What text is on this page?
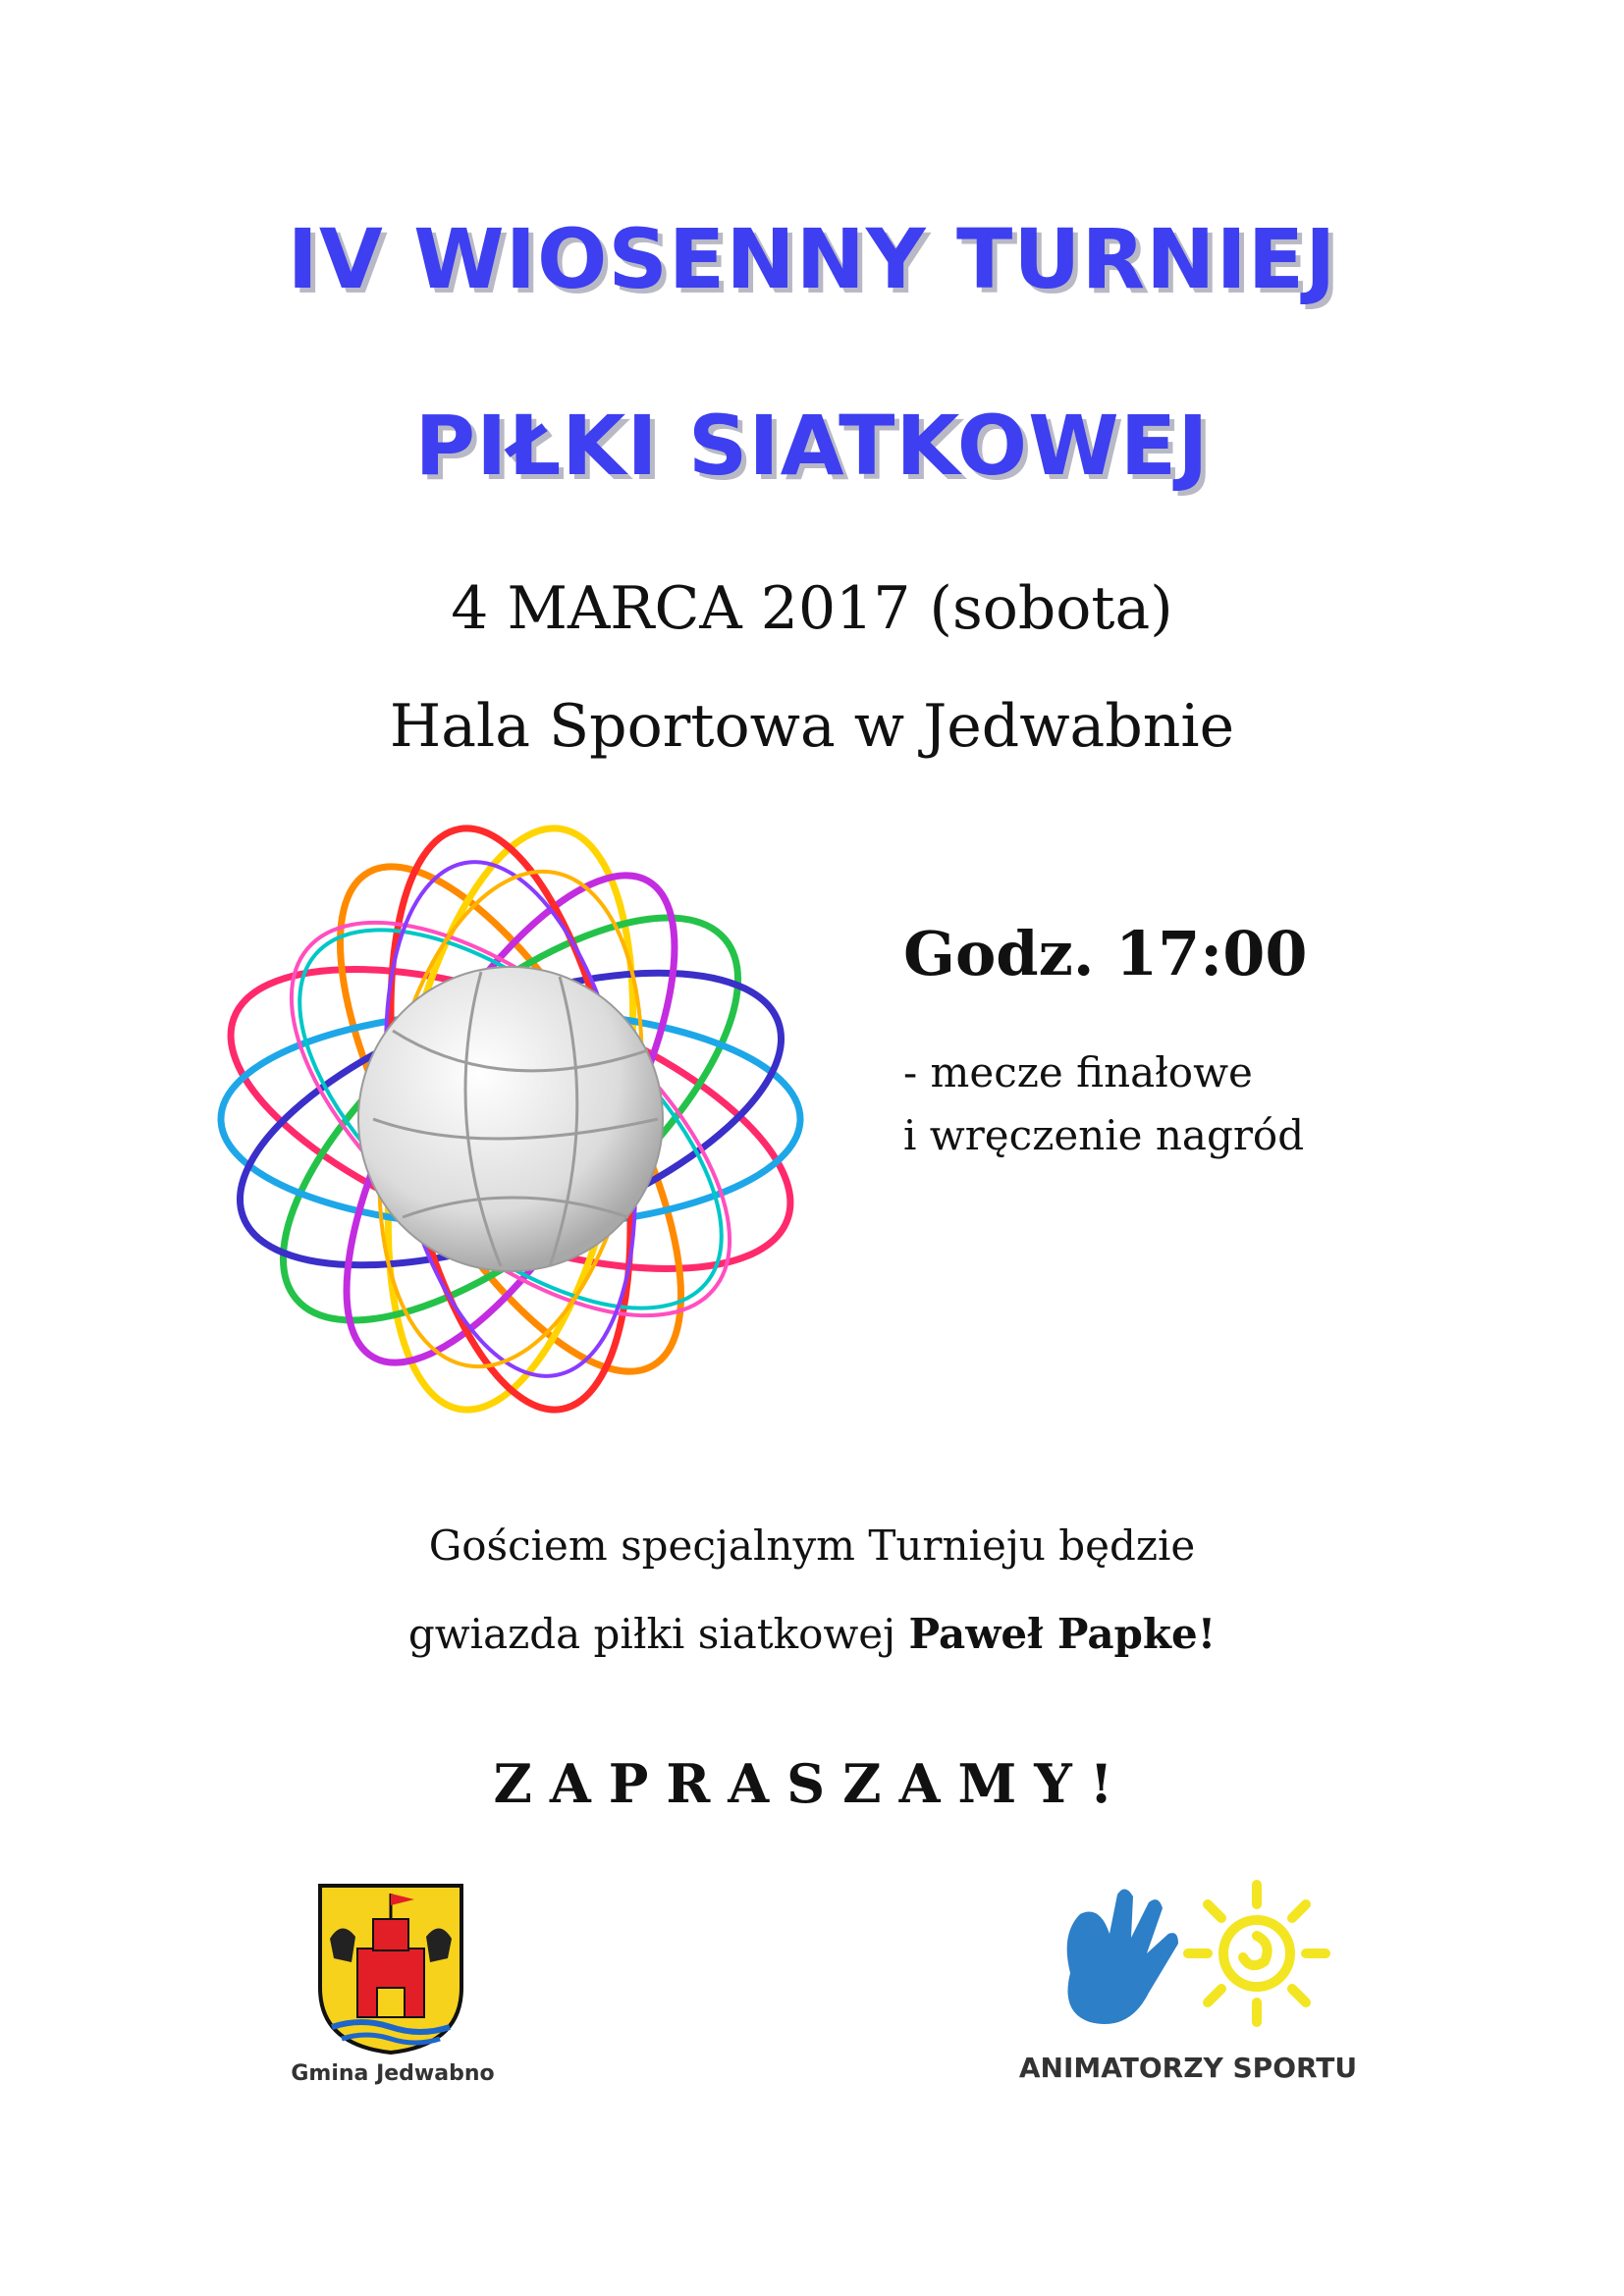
IV WIOSENNY TURNIEJ
PIŁKI SIATKOWEJ
4 MARCA 2017 (sobota)
Hala Sportowa w Jedwabnie
Godz. 17:00
- mecze finałowe
i wręczenie nagród
Gościem specjalnym Turnieju będzie
gwiazda piłki siatkowej Paweł Papke!
ZAPRASZAMY!
Gmina Jedwabno	ANIMATORZY SPORTU
